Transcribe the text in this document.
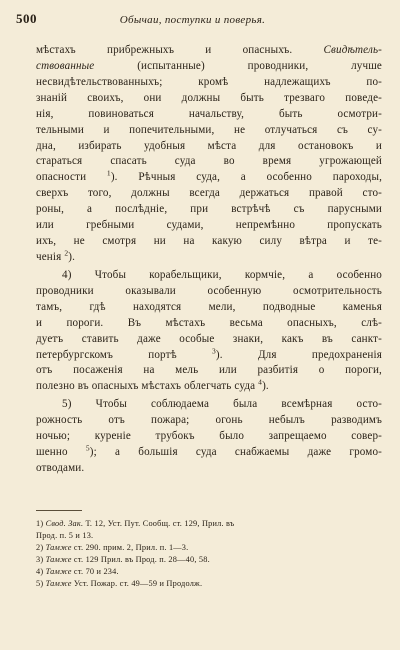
500	Обычаи, поступки и поверья.
мѣстахъ прибрежныхъ и опасныхъ. Свидѣтель-
ствованные (испытанные) проводники, лучше
несвидѣтельствованныхъ; кромѣ надлежащихъ по-
знаній своихъ, они должны быть трезваго поведе-
нія, повиноваться начальству, быть осмотри-
тельными и попечительными, не отлучаться съ су-
дна, избирать удобныя мѣста для остановокъ и
стараться спасать суда во время угрожающей
опасности $^1$). Рѣчныя суда, а особенно пароходы,
сверхъ того, должны всегда держаться правой сто-
роны, а послѣдніе, при встрѣчѣ съ парусными
или гребными судами, непремѣнно пропускать
ихъ, не смотря ни на какую силу вѣтра и те-
ченія $^2$).
4) Чтобы корабельщики, кормчіе, а особенно
проводники оказывали особенную осмотрительность
тамъ, гдѣ находятся мели, подводные каменья
и пороги. Въ мѣстахъ весьма опасныхъ, слѣ-
дуетъ ставить даже особые знаки, какъ въ санкт-
петербургскомъ портѣ $^3$). Для предохраненія
отъ посаженія на мель или разбитія о пороги,
полезно въ опасныхъ мѣстахъ облегчать суда $^4$).
5) Чтобы соблюдаема была всемѣрная осто-
рожность отъ пожара; огонь небылъ разводимъ
ночью; куреніе трубокъ было запрещаемо совер-
шенно $^5$); а большія суда снабжаемы даже громо-
отводами.
1) Свод. Зак. Т. 12, Уст. Пут. Сообщ. ст. 129, Прил. въ
Прод. п. 5 и 13.
2) Тамже ст. 290. прим. 2, Прил. п. 1—3.
3) Тамже ст. 129 Прил. въ Прод. п. 28—40, 58.
4) Тамже ст. 70 и 234.
5) Тамже Уст. Пожар. ст. 49—59 и Продолж.
